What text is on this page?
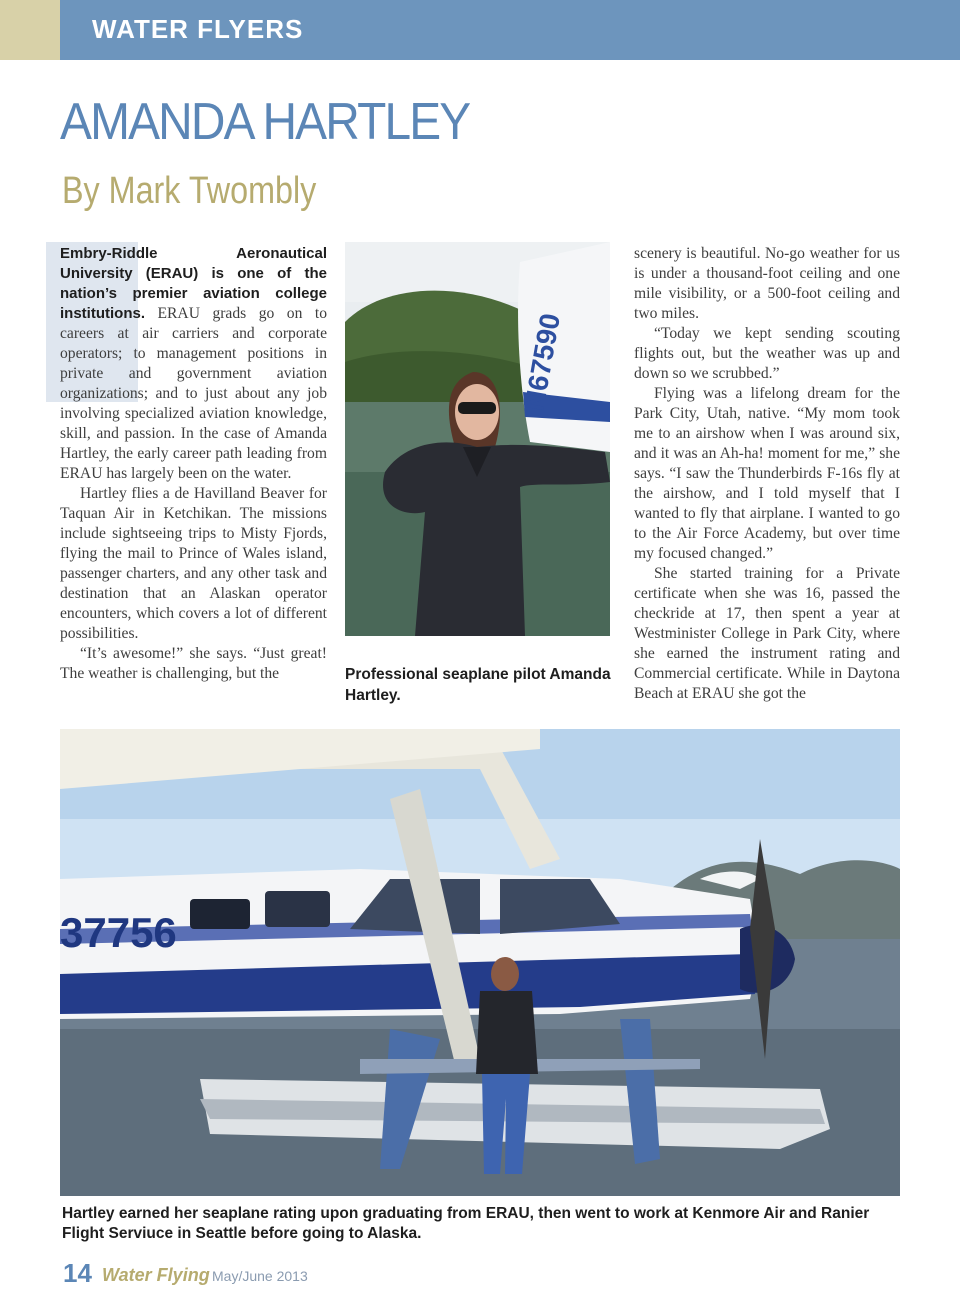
WATER FLYERS
AMANDA HARTLEY
By Mark Twombly

Embry-Riddle Aeronautical University (ERAU) is one of the nation’s premier aviation college institutions. ERAU grads go on to careers at air carriers and corporate operators; to management positions in private and government aviation organizations; and to just about any job involving specialized aviation knowledge, skill, and passion. In the case of Amanda Hartley, the early career path leading from ERAU has largely been on the water.

Hartley flies a de Havilland Beaver for Taquan Air in Ketchikan. The missions include sightseeing trips to Misty Fjords, flying the mail to Prince of Wales island, passenger charters, and any other task and destination that an Alaskan operator encounters, which covers a lot of different possibilities.

“It’s awesome!” she says. “Just great! The weather is challenging, but the

N67590
Professional seaplane pilot Amanda Hartley.

scenery is beautiful. No-go weather for us is under a thousand-foot ceiling and one mile visibility, or a 500-foot ceiling and two miles.

“Today we kept sending scouting flights out, but the weather was up and down so we scrubbed.”

Flying was a lifelong dream for the Park City, Utah, native. “My mom took me to an airshow when I was around six, and it was an Ah-ha! moment for me,” she says. “I saw the Thunderbirds F-16s fly at the airshow, and I told myself that I wanted to fly that airplane. I wanted to go to the Air Force Academy, but over time my focused changed.”

She started training for a Private certificate when she was 16, passed the checkride at 17, then spent a year at Westminister College in Park City, where she earned the instrument rating and Commercial certificate. While in Daytona Beach at ERAU she got the

37756
Hartley earned her seaplane rating upon graduating from ERAU, then went to work at Kenmore Air and Ranier Flight Serviuce in Seattle before going to Alaska.
14 Water Flying May/June 2013
